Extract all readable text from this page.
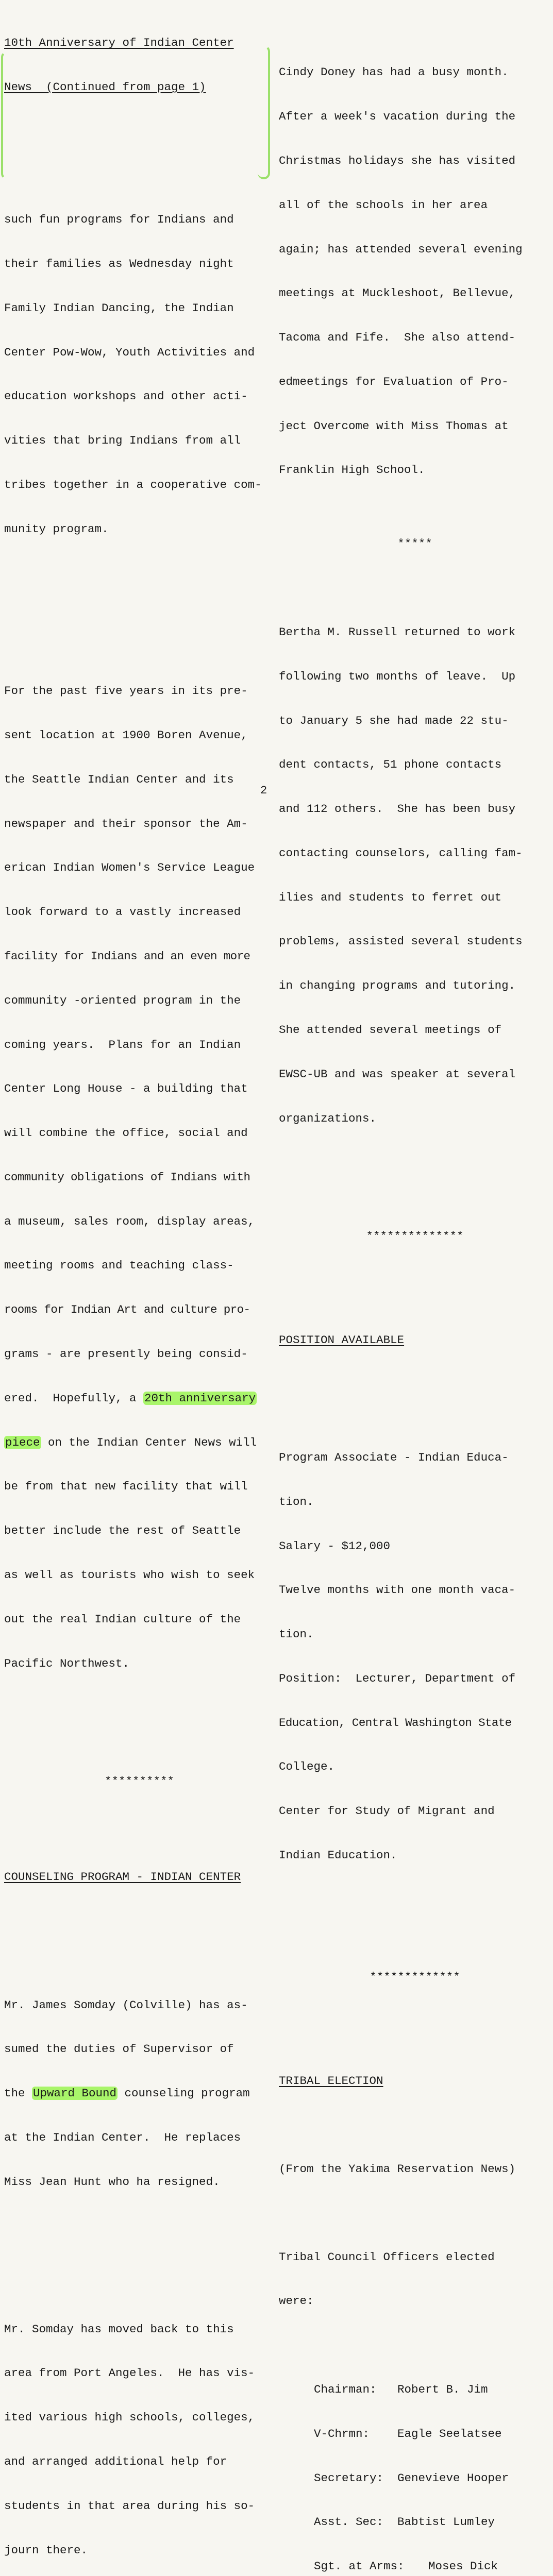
10th Anniversary of Indian Center

News  (Continued from page 1)

such fun programs for Indians and

their families as Wednesday night

Family Indian Dancing, the Indian

Center Pow-Wow, Youth Activities and

education workshops and other acti-

vities that bring Indians from all

tribes together in a cooperative com-

munity program.

For the past five years in its pre-

sent location at 1900 Boren Avenue,

the Seattle Indian Center and its

newspaper and their sponsor the Am-

erican Indian Women's Service League

look forward to a vastly increased

facility for Indians and an even more

community -oriented program in the

coming years.  Plans for an Indian

Center Long House - a building that

will combine the office, social and

community obligations of Indians with

a museum, sales room, display areas,

meeting rooms and teaching class-

rooms for Indian Art and culture pro-

grams - are presently being consid-

ered.  Hopefully, a 20th anniversary

piece on the Indian Center News will

be from that new facility that will

better include the rest of Seattle

as well as tourists who wish to seek

out the real Indian culture of the

Pacific Northwest.

**********

COUNSELING PROGRAM - INDIAN CENTER

Mr. James Somday (Colville) has as-

sumed the duties of Supervisor of

the Upward Bound counseling program

at the Indian Center.  He replaces

Miss Jean Hunt who ha resigned.

Mr. Somday has moved back to this

area from Port Angeles.  He has vis-

ited various high schools, colleges,

and arranged additional help for

students in that area during his so-

journ there.

Cindy Doney has had a busy month.

After a week's vacation during the

Christmas holidays she has visited

all of the schools in her area

again; has attended several evening

meetings at Muckleshoot, Bellevue,

Tacoma and Fife.  She also attend-

edmeetings for Evaluation of Pro-

ject Overcome with Miss Thomas at

Franklin High School.

*****

Bertha M. Russell returned to work

following two months of leave.  Up

to January 5 she had made 22 stu-

dent contacts, 51 phone contacts

and 112 others.  She has been busy

contacting counselors, calling fam-

ilies and students to ferret out

problems, assisted several students

in changing programs and tutoring.

She attended several meetings of

EWSC-UB and was speaker at several

organizations.

**************

POSITION AVAILABLE

Program Associate - Indian Educa-

tion.

Salary - $12,000

Twelve months with one month vaca-

tion.

Position:  Lecturer, Department of

Education, Central Washington State

College.

Center for Study of Migrant and

Indian Education.

*************

TRIBAL ELECTION

(From the Yakima Reservation News)

Tribal Council Officers elected

were:

Chairman:	Robert B. Jim

V-Chrmn:	Eagle Seelatsee

Secretary:	Genevieve Hooper

Asst. Sec:	Babtist Lumley

Sgt. at Arms:	Moses Dick

2
